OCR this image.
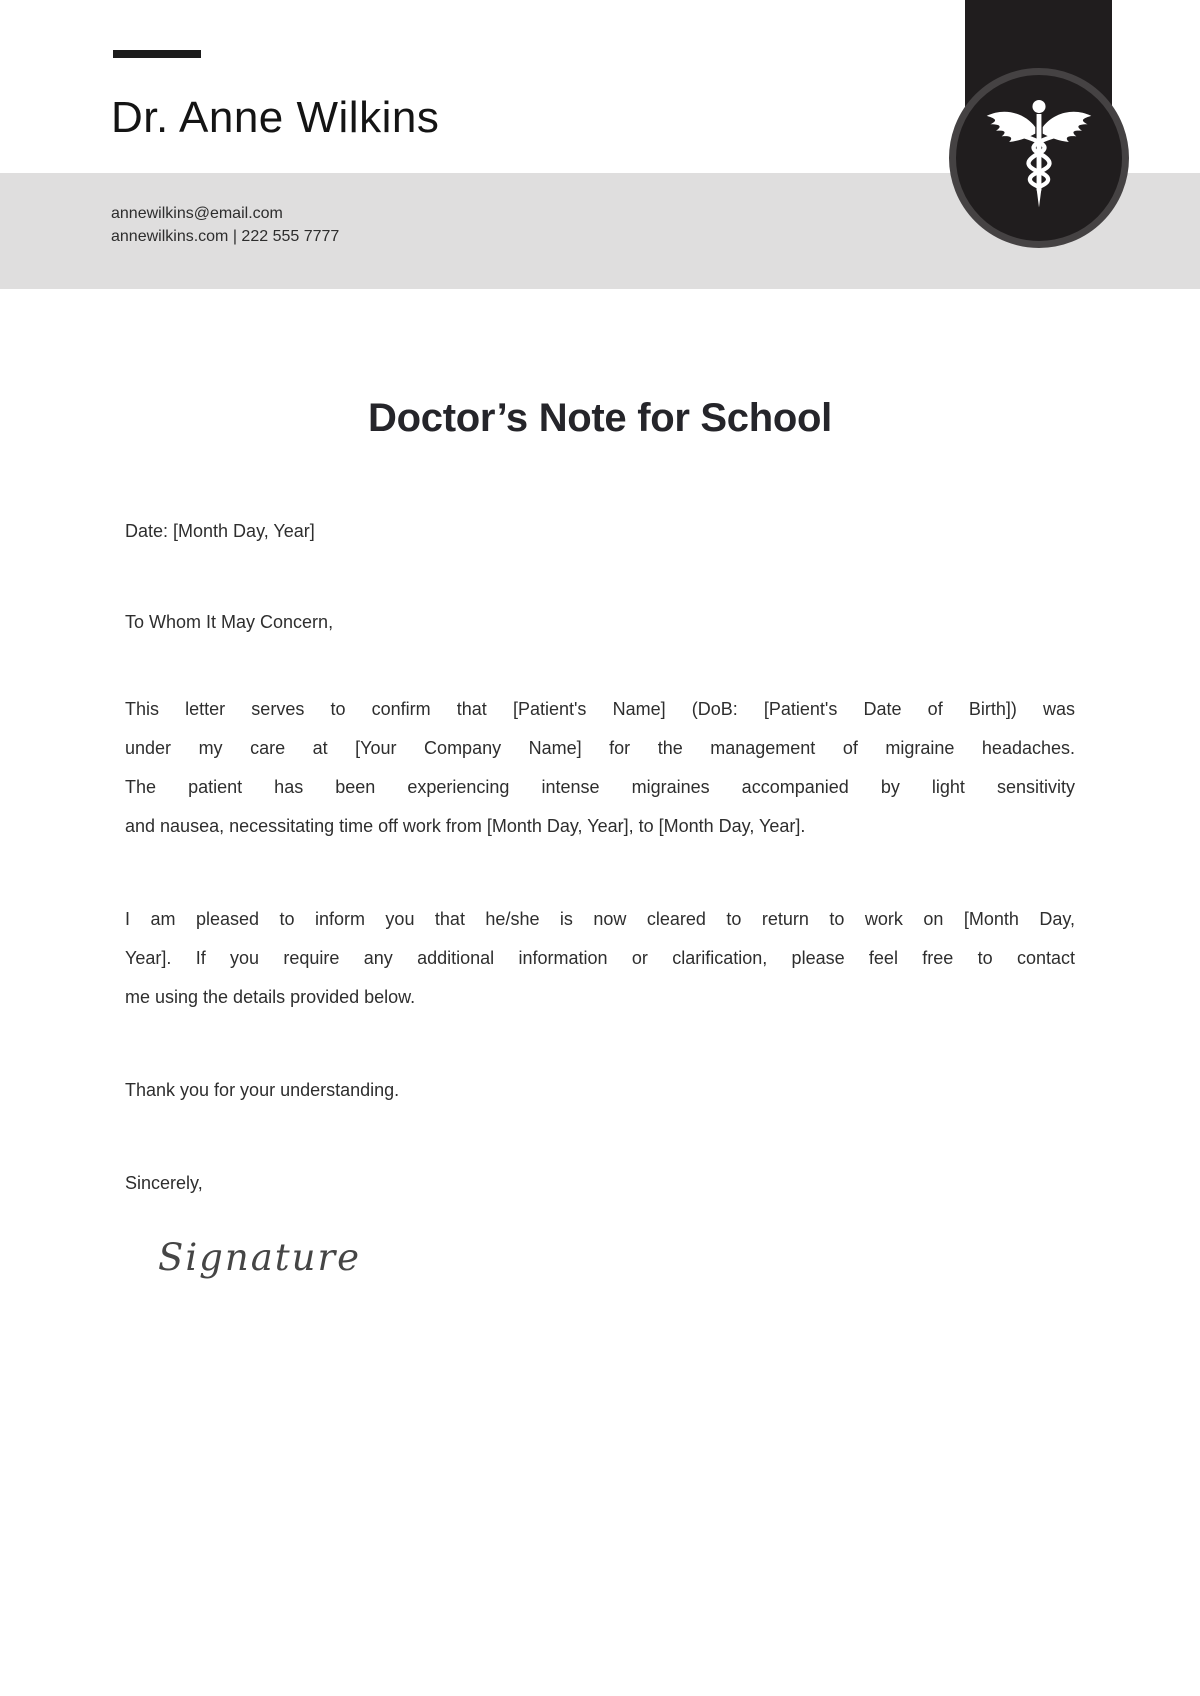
Dr. Anne Wilkins
annewilkins@email.com
annewilkins.com | 222 555 7777
Doctor’s Note for School
Date: [Month Day, Year]
To Whom It May Concern,
This letter serves to confirm that [Patient's Name] (DoB: [Patient's Date of Birth]) was
under my care at [Your Company Name] for the management of migraine headaches.
The patient has been experiencing intense migraines accompanied by light sensitivity
and nausea, necessitating time off work from [Month Day, Year], to [Month Day, Year].
I am pleased to inform you that he/she is now cleared to return to work on [Month Day,
Year]. If you require any additional information or clarification, please feel free to contact
me using the details provided below.
Thank you for your understanding.
Sincerely,
Signature
